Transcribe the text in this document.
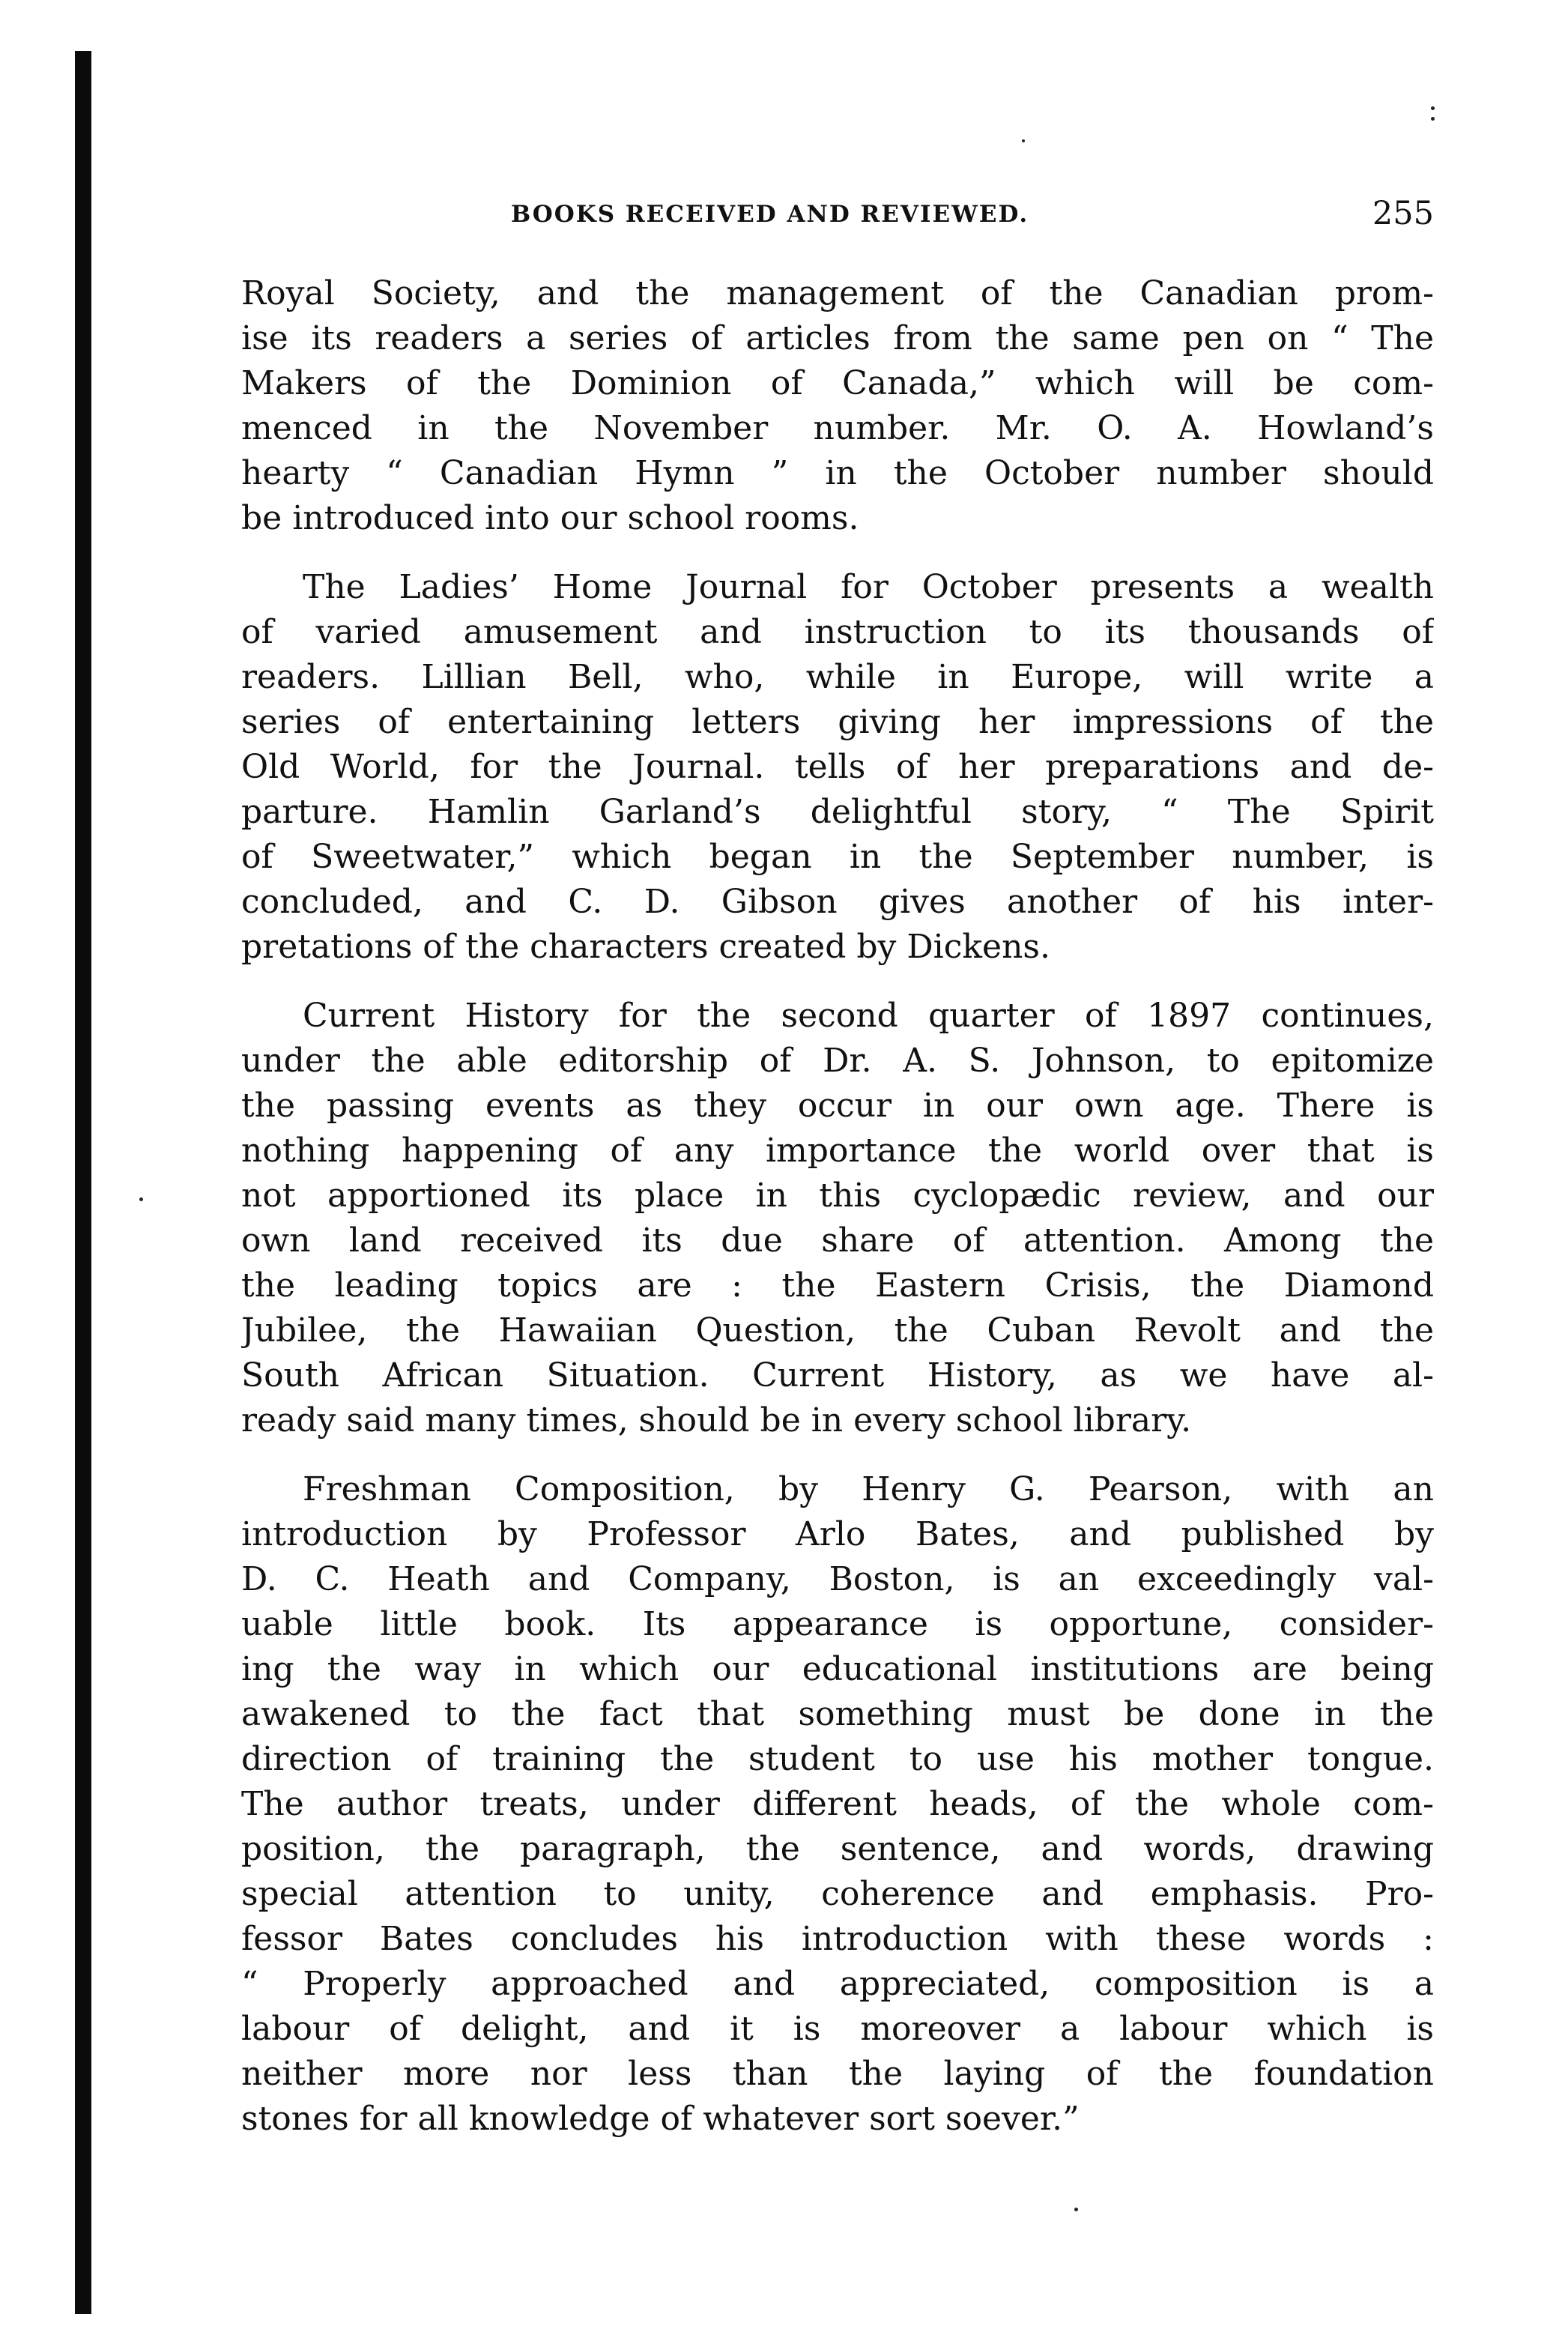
BOOKS RECEIVED AND REVIEWED.	255
Royal Society, and the management of the Canadian prom-
ise its readers a series of articles from the same pen on “ The
Makers of the Dominion of Canada,” which will be com-
menced in the November number. Mr. O. A. Howland’s
hearty “ Canadian Hymn ” in the October number should
be introduced into our school rooms.
The Ladies’ Home Journal for October presents a wealth
of varied amusement and instruction to its thousands of
readers. Lillian Bell, who, while in Europe, will write a
series of entertaining letters giving her impressions of the
Old World, for the Journal. tells of her preparations and de-
parture. Hamlin Garland’s delightful story, “ The Spirit
of Sweetwater,” which began in the September number, is
concluded, and C. D. Gibson gives another of his inter-
pretations of the characters created by Dickens.
Current History for the second quarter of 1897 continues,
under the able editorship of Dr. A. S. Johnson, to epitomize
the passing events as they occur in our own age. There is
nothing happening of any importance the world over that is
not apportioned its place in this cyclopædic review, and our
own land received its due share of attention. Among the
the leading topics are : the Eastern Crisis, the Diamond
Jubilee, the Hawaiian Question, the Cuban Revolt and the
South African Situation. Current History, as we have al-
ready said many times, should be in every school library.
Freshman Composition, by Henry G. Pearson, with an
introduction by Professor Arlo Bates, and published by
D. C. Heath and Company, Boston, is an exceedingly val-
uable little book. Its appearance is opportune, consider-
ing the way in which our educational institutions are being
awakened to the fact that something must be done in the
direction of training the student to use his mother tongue.
The author treats, under different heads, of the whole com-
position, the paragraph, the sentence, and words, drawing
special attention to unity, coherence and emphasis. Pro-
fessor Bates concludes his introduction with these words :
“ Properly approached and appreciated, composition is a
labour of delight, and it is moreover a labour which is
neither more nor less than the laying of the foundation
stones for all knowledge of whatever sort soever.”
